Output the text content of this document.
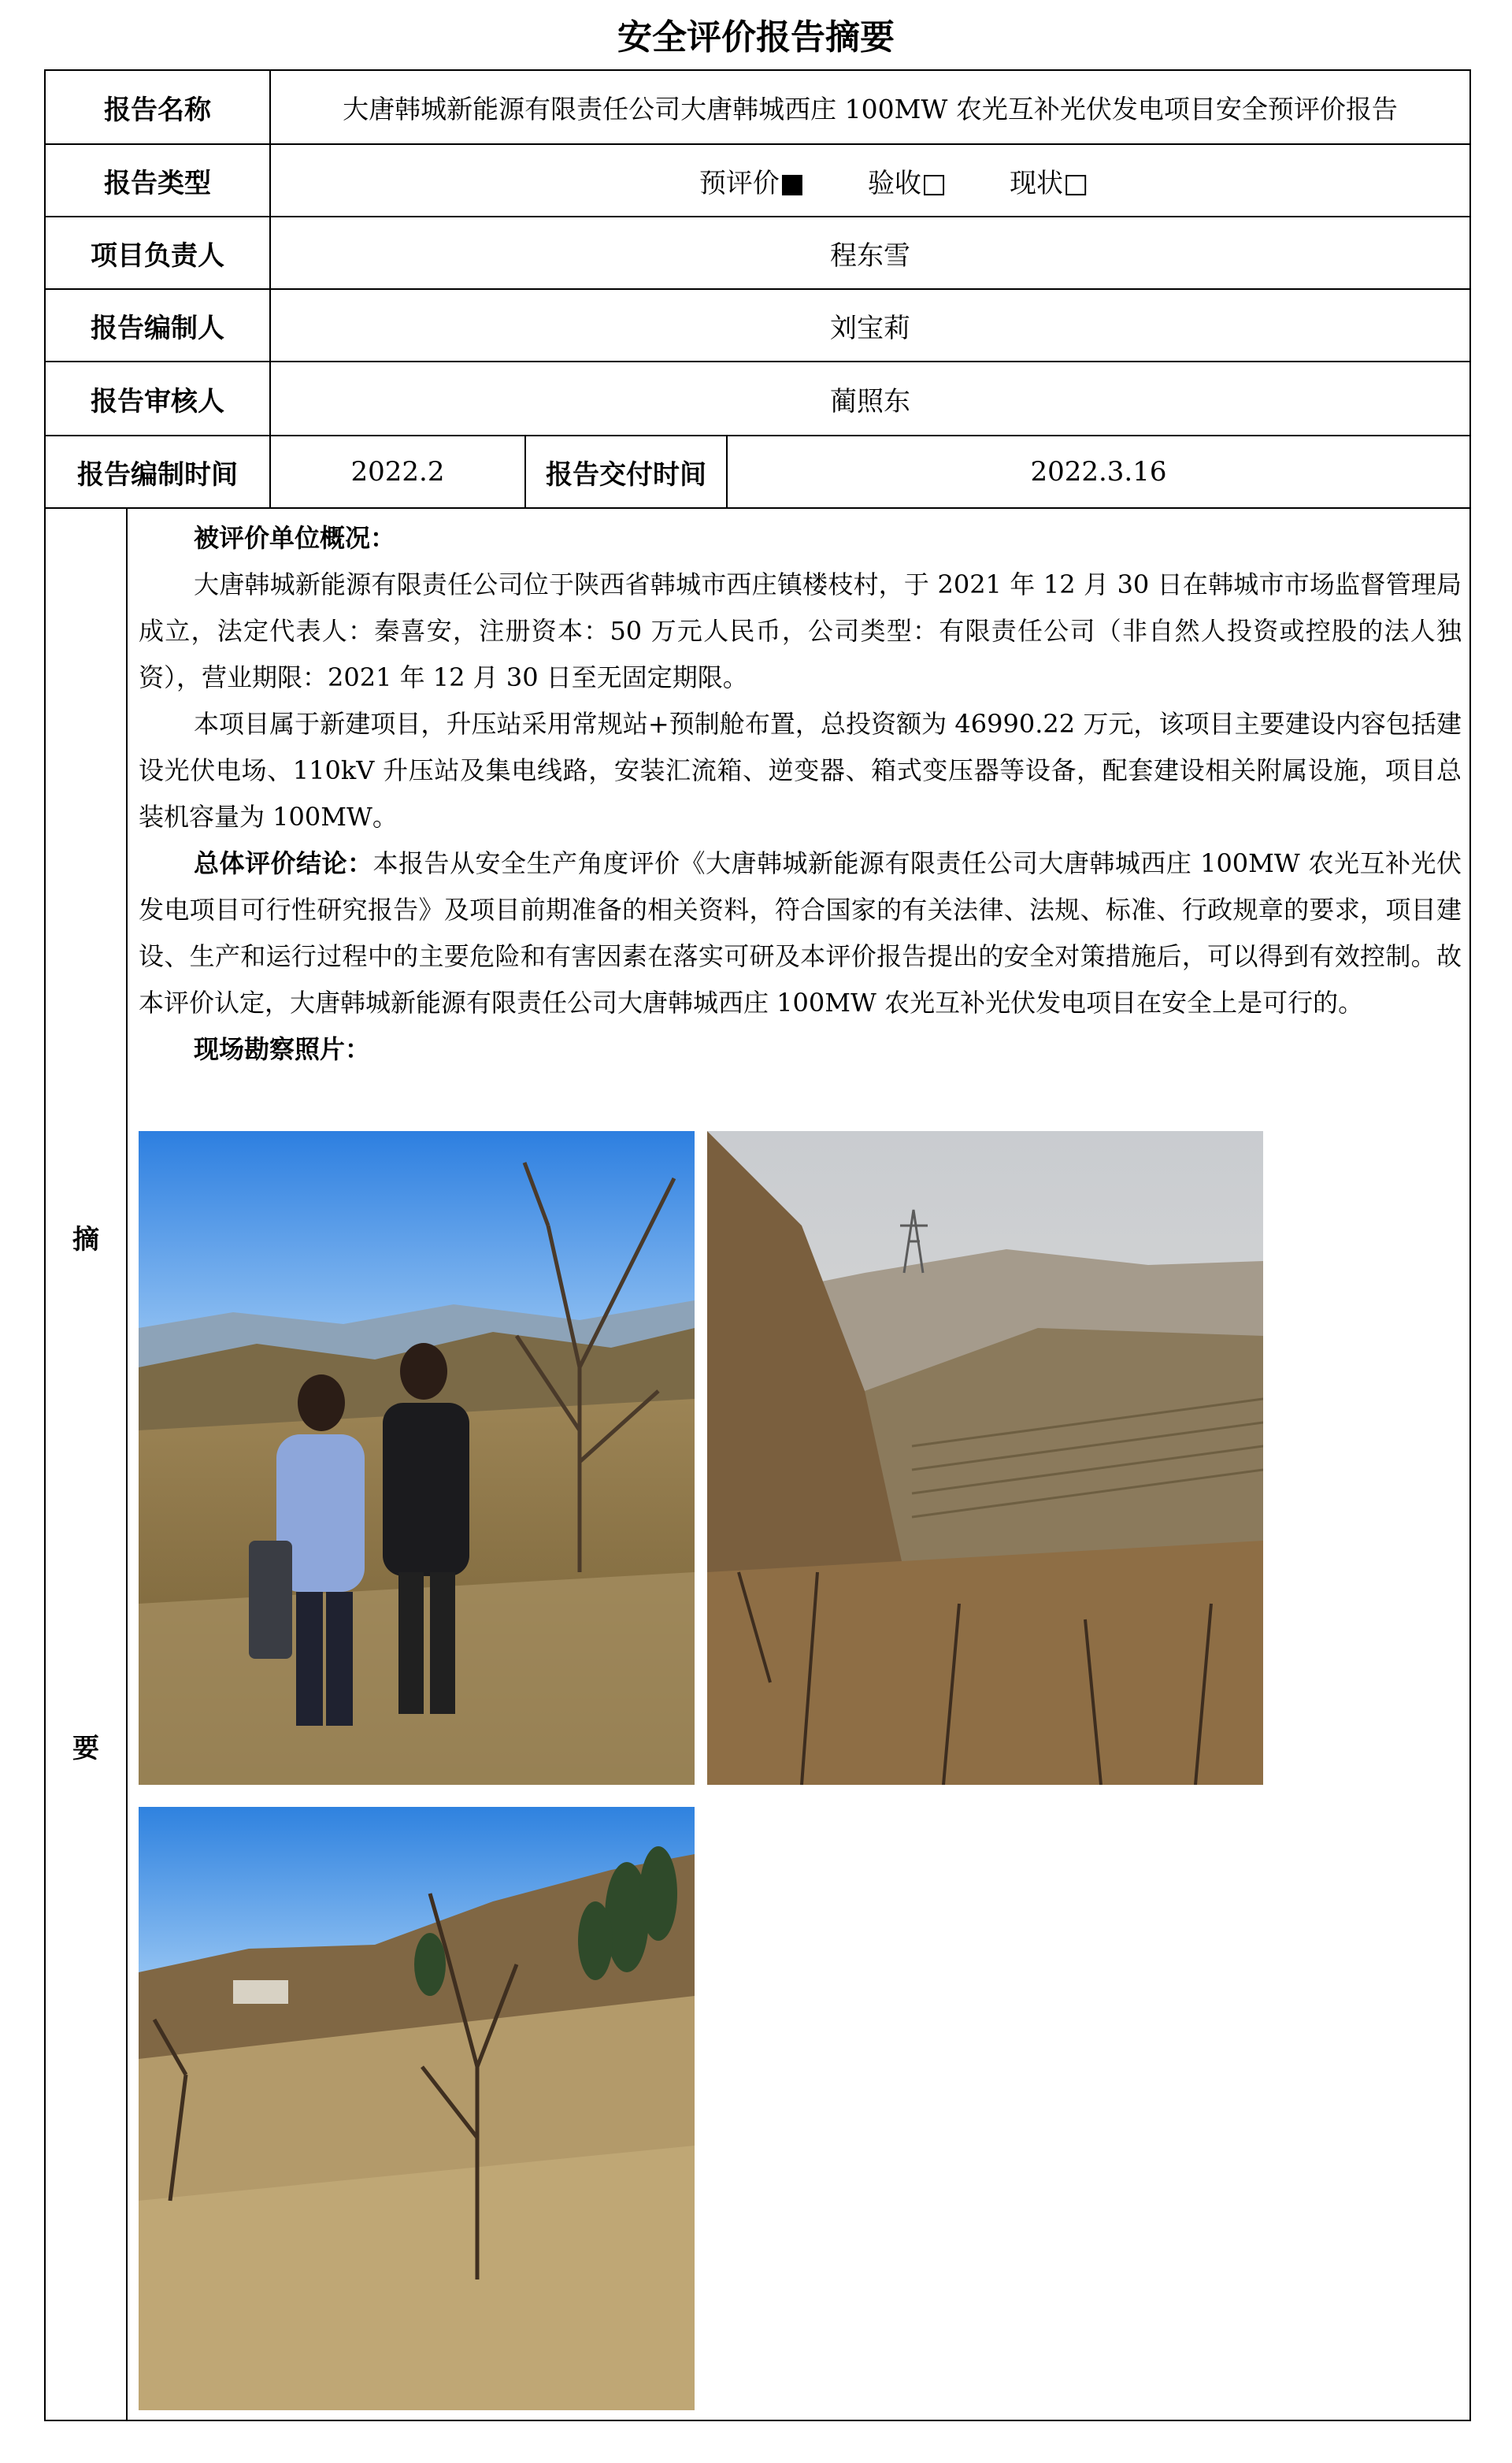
安全评价报告摘要
报告名称	大唐韩城新能源有限责任公司大唐韩城西庄 100MW 农光互补光伏发电项目安全预评价报告
报告类型	预评价■ 验收□ 现状□
项目负责人	程东雪
报告编制人	刘宝莉
报告审核人	蔺照东
报告编制时间	2022.2	报告交付时间	2022.3.16
摘
要

被评价单位概况：

大唐韩城新能源有限责任公司位于陕西省韩城市西庄镇楼枝村，于 2021 年 12 月 30 日在韩城市市场监督管理局成立，法定代表人：秦喜安，注册资本：50 万元人民币，公司类型：有限责任公司（非自然人投资或控股的法人独资），营业期限：2021 年 12 月 30 日至无固定期限。

本项目属于新建项目，升压站采用常规站+预制舱布置，总投资额为 46990.22 万元，该项目主要建设内容包括建设光伏电场、110kV 升压站及集电线路，安装汇流箱、逆变器、箱式变压器等设备，配套建设相关附属设施，项目总装机容量为 100MW。

总体评价结论：本报告从安全生产角度评价《大唐韩城新能源有限责任公司大唐韩城西庄 100MW 农光互补光伏发电项目可行性研究报告》及项目前期准备的相关资料，符合国家的有关法律、法规、标准、行政规章的要求，项目建设、生产和运行过程中的主要危险和有害因素在落实可研及本评价报告提出的安全对策措施后，可以得到有效控制。故本评价认定，大唐韩城新能源有限责任公司大唐韩城西庄 100MW 农光互补光伏发电项目在安全上是可行的。

现场勘察照片：
